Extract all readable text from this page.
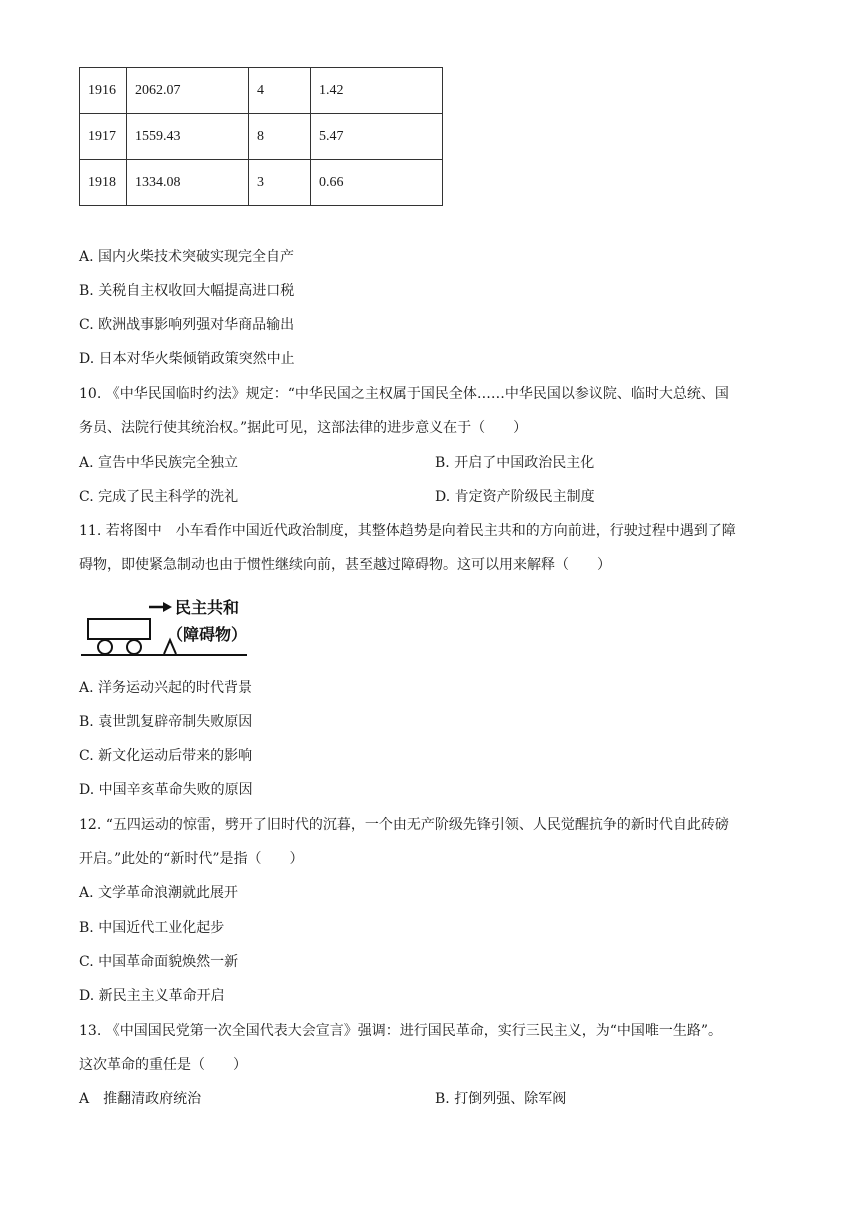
1916	2062.07	4	1.42
1917	1559.43	8	5.47
1918	1334.08	3	0.66
A. 国内火柴技术突破实现完全自产
B. 关税自主权收回大幅提高进口税
C. 欧洲战事影响列强对华商品输出
D. 日本对华火柴倾销政策突然中止
10. 《中华民国临时约法》规定：“中华民国之主权属于国民全体……中华民国以参议院、临时大总统、国
务员、法院行使其统治权。”据此可见，这部法律的进步意义在于（　　）
A. 宣告中华民族完全独立	B. 开启了中国政治民主化
C. 完成了民主科学的洗礼	D. 肯定资产阶级民主制度
11. 若将图中　小车看作中国近代政治制度，其整体趋势是向着民主共和的方向前进，行驶过程中遇到了障
碍物，即使紧急制动也由于惯性继续向前，甚至越过障碍物。这可以用来解释（　　）
民主共和
（障碍物）
A. 洋务运动兴起的时代背景
B. 袁世凯复辟帝制失败原因
C. 新文化运动后带来的影响
D. 中国辛亥革命失败的原因
12. “五四运动的惊雷，劈开了旧时代的沉暮，一个由无产阶级先锋引领、人民觉醒抗争的新时代自此砖磅
开启。”此处的“新时代”是指（　　）
A. 文学革命浪潮就此展开
B. 中国近代工业化起步
C. 中国革命面貌焕然一新
D. 新民主主义革命开启
13. 《中国国民党第一次全国代表大会宣言》强调：进行国民革命，实行三民主义，为“中国唯一生路”。
这次革命的重任是（　　）
A　推翻清政府统治	B. 打倒列强、除军阀
